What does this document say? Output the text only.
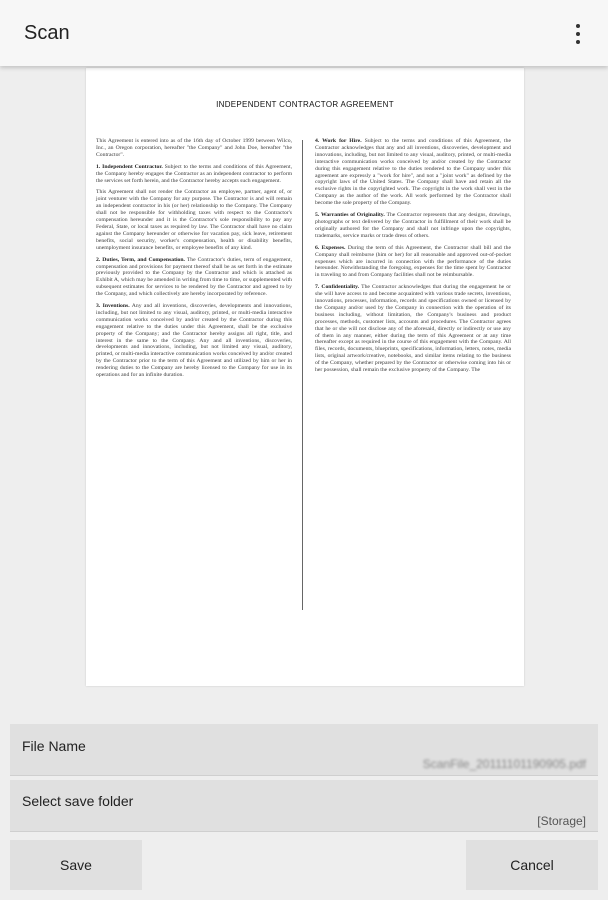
Scan
INDEPENDENT CONTRACTOR AGREEMENT

This Agreement is entered into as of the 16th day of October 1999 between Wilco, Inc., an Oregon corporation, hereafter "the Company" and John Doe, hereafter "the Contractor".

1. Independent Contractor. Subject to the terms and conditions of this Agreement, the Company hereby engages the Contractor as an independent contractor to perform the services set forth herein, and the Contractor hereby accepts such engagement.

This Agreement shall not render the Contractor an employee, partner, agent of, or joint venturer with the Company for any purpose. The Contractor is and will remain an independent contractor in his (or her) relationship to the Company. The Company shall not be responsible for withholding taxes with respect to the Contractor's compensation hereunder and it is the Contractor's sole responsibility to pay any Federal, State, or local taxes as required by law. The Contractor shall have no claim against the Company hereunder or otherwise for vacation pay, sick leave, retirement benefits, social security, worker's compensation, health or disability benefits, unemployment insurance benefits, or employee benefits of any kind.

2. Duties, Term, and Compensation. The Contractor's duties, term of engagement, compensation and provisions for payment thereof shall be as set forth in the estimate previously provided to the Company by the Contractor and which is attached as Exhibit A, which may be amended in writing from time to time, or supplemented with subsequent estimates for services to be rendered by the Contractor and agreed to by the Company, and which collectively are hereby incorporated by reference.

3. Inventions. Any and all inventions, discoveries, developments and innovations, including, but not limited to any visual, auditory, printed, or multi-media interactive communication works conceived by and/or created by the Contractor during this engagement relative to the duties under this Agreement, shall be the exclusive property of the Company; and the Contractor hereby assigns all right, title, and interest in the same to the Company. Any and all inventions, discoveries, developments and innovations, including, but not limited any visual, auditory, printed, or multi-media interactive communication works conceived by and/or created by the Contractor prior to the term of this Agreement and utilized by him or her in rendering duties to the Company are hereby licensed to the Company for use in its operations and for an infinite duration.

4. Work for Hire. Subject to the terms and conditions of this Agreement, the Contractor acknowledges that any and all inventions, discoveries, development and innovations, including, but not limited to any visual, auditory, printed, or multi-media interactive communication works conceived by and/or created by the Contractor during this engagement relative to the duties rendered to the Company under this agreement are expressly a "work for hire", and not a "joint work" as defined by the copyright laws of the United States. The Company shall have and retain all the exclusive rights in the copyrighted work. The copyright in the work shall vest in the Company as the author of the work. All work performed by the Contractor shall become the sole property of the Company.

5. Warranties of Originality. The Contractor represents that any designs, drawings, photographs or text delivered by the Contractor in fulfillment of their work shall be originally authored for the Company and shall not infringe upon the copyrights, trademarks, service marks or trade dress of others.

6. Expenses. During the term of this Agreement, the Contractor shall bill and the Company shall reimburse (him or her) for all reasonable and approved out-of-pocket expenses which are incurred in connection with the performance of the duties hereunder. Notwithstanding the foregoing, expenses for the time spent by Contractor in traveling to and from Company facilities shall not be reimbursable.

7. Confidentiality. The Contractor acknowledges that during the engagement he or she will have access to and become acquainted with various trade secrets, inventions, innovations, processes, information, records and specifications owned or licensed by the Company and/or used by the Company in connection with the operation of its business including, without limitation, the Company's business and product processes, methods, customer lists, accounts and procedures. The Contractor agrees that he or she will not disclose any of the aforesaid, directly or indirectly or use any of them in any manner, either during the term of this Agreement or at any time thereafter except as required in the course of this engagement with the Company. All files, records, documents, blueprints, specifications, information, letters, notes, media lists, original artwork/creative, notebooks, and similar items relating to the business of the Company, whether prepared by the Contractor or otherwise coming into his or her possession, shall remain the exclusive property of the Company. The

File Name
ScanFile_20111101190905.pdf
Select save folder
[Storage]
Save	Cancel
